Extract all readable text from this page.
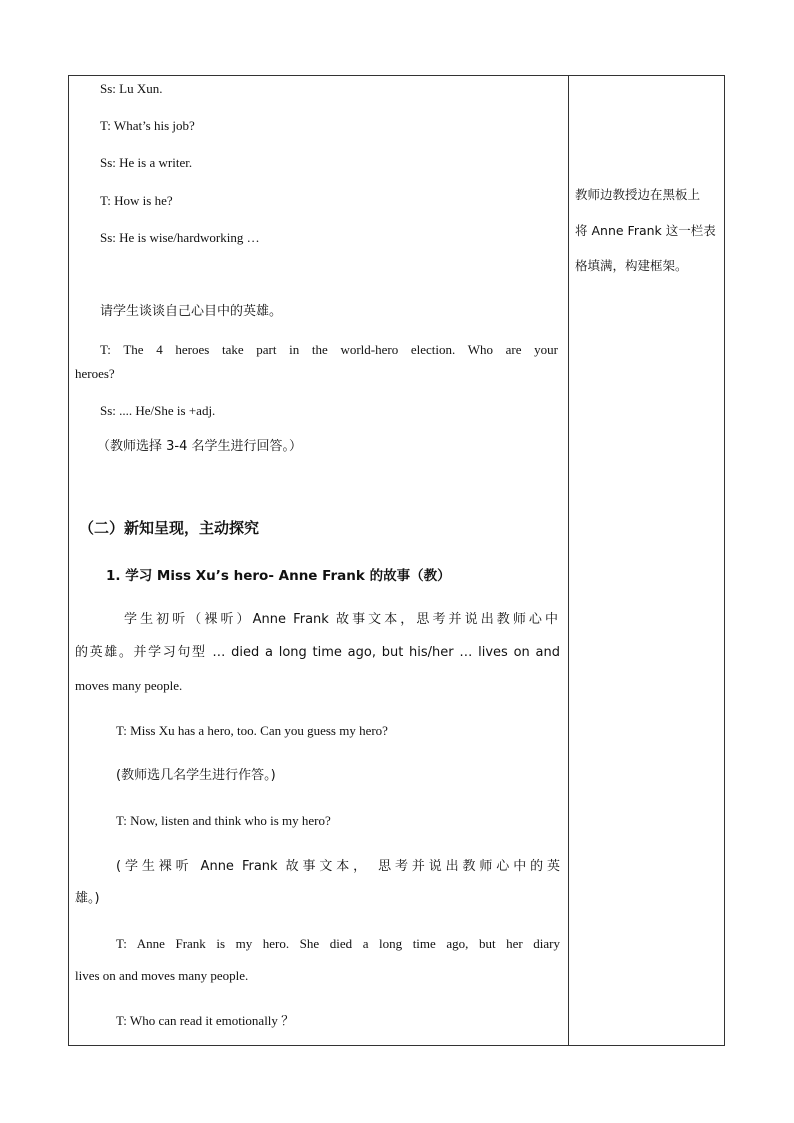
Ss: Lu Xun.
T: What’s his job?
Ss: He is a writer.
T: How is he?
Ss: He is wise/hardworking …
请学生谈谈自己心目中的英雄。
T: The 4 heroes take part in the world-hero election. Who are your
heroes?
Ss: .... He/She is +adj.
（教师选择 3-4 名学生进行回答。）
（二）新知呈现，主动探究
1. 学习 Miss Xu’s hero- Anne Frank 的故事（教）
学生初听（裸听）Anne Frank 故事文本，思考并说出教师心中
的英雄。并学习句型 … died a long time ago, but his/her … lives on and
moves many people.
T: Miss Xu has a hero, too. Can you guess my hero?
(教师选几名学生进行作答。)
T: Now, listen and think who is my hero?
(学生裸听 Anne Frank 故事文本， 思考并说出教师心中的英
雄。)
T: Anne Frank is my hero. She died a long time ago, but her diary
lives on and moves many people.
T: Who can read it emotionally ？
教师边教授边在黑板上
将 Anne Frank 这一栏表
格填满，构建框架。
